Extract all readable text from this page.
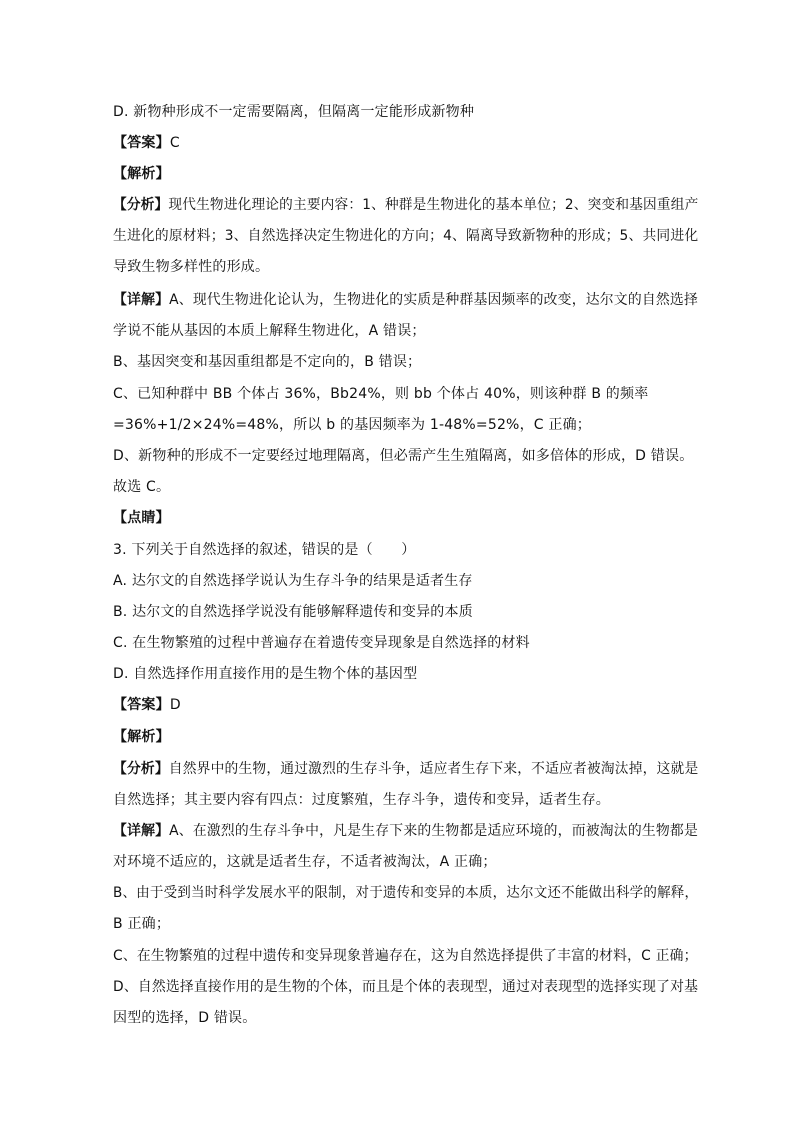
D. 新物种形成不一定需要隔离，但隔离一定能形成新物种
【答案】C
【解析】
【分析】现代生物进化理论的主要内容：1、种群是生物进化的基本单位；2、突变和基因重组产
生进化的原材料；3、自然选择决定生物进化的方向；4、隔离导致新物种的形成；5、共同进化
导致生物多样性的形成。
【详解】A、现代生物进化论认为，生物进化的实质是种群基因频率的改变，达尔文的自然选择
学说不能从基因的本质上解释生物进化，A 错误；
B、基因突变和基因重组都是不定向的，B 错误；
C、已知种群中 BB 个体占 36%，Bb24%，则 bb 个体占 40%，则该种群 B 的频率
=36%+1/2×24%=48%，所以 b 的基因频率为 1-48%=52%，C 正确；
D、新物种的形成不一定要经过地理隔离，但必需产生生殖隔离，如多倍体的形成，D 错误。
故选 C。
【点睛】
3. 下列关于自然选择的叙述，错误的是（　　）
A. 达尔文的自然选择学说认为生存斗争的结果是适者生存
B. 达尔文的自然选择学说没有能够解释遗传和变异的本质
C. 在生物繁殖的过程中普遍存在着遗传变异现象是自然选择的材料
D. 自然选择作用直接作用的是生物个体的基因型
【答案】D
【解析】
【分析】自然界中的生物，通过激烈的生存斗争，适应者生存下来，不适应者被淘汰掉，这就是
自然选择；其主要内容有四点：过度繁殖，生存斗争，遗传和变异，适者生存。
【详解】A、在激烈的生存斗争中，凡是生存下来的生物都是适应环境的，而被淘汰的生物都是
对环境不适应的，这就是适者生存，不适者被淘汰，A 正确；
B、由于受到当时科学发展水平的限制，对于遗传和变异的本质，达尔文还不能做出科学的解释，
B 正确；
C、在生物繁殖的过程中遗传和变异现象普遍存在，这为自然选择提供了丰富的材料，C 正确；
D、自然选择直接作用的是生物的个体，而且是个体的表现型，通过对表现型的选择实现了对基
因型的选择，D 错误。
